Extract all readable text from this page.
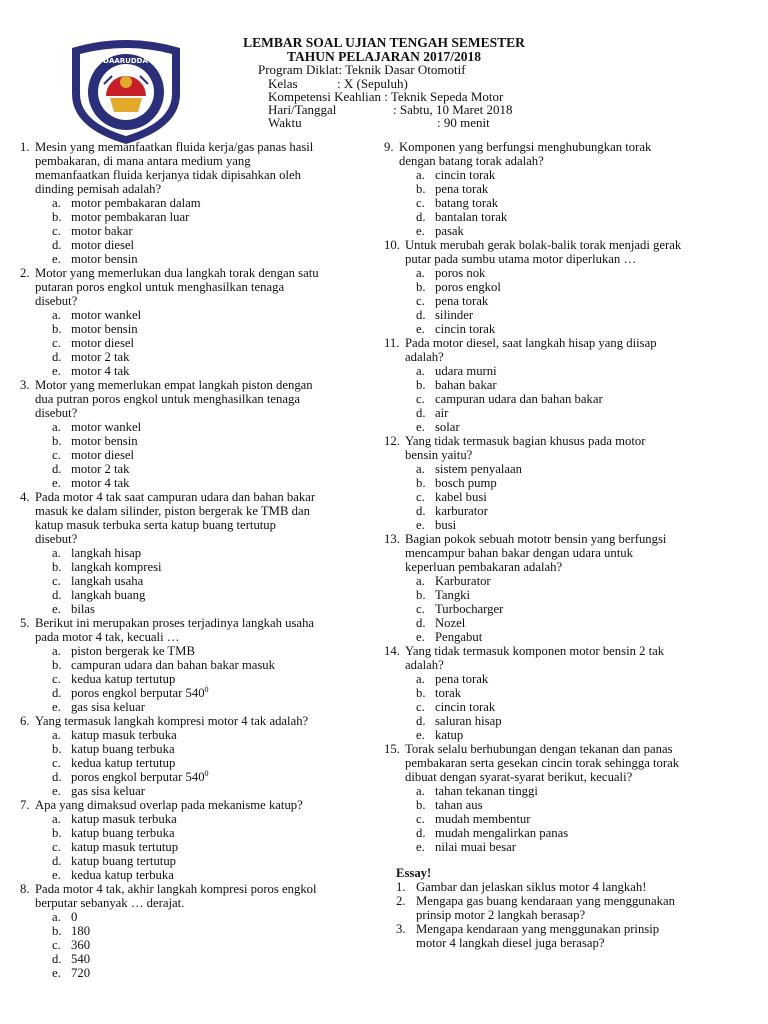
SMK DAARUDDA'WAH
LEMBAR SOAL UJIAN TENGAH SEMESTER
TAHUN PELAJARAN 2017/2018
Program Diklat: Teknik Dasar Otomotif
Kelas	: X (Sepuluh)
Kompetensi Keahlian : Teknik Sepeda Motor
Hari/Tanggal	: Sabtu, 10 Maret 2018
Waktu	: 90 menit
1. Mesin yang memanfaatkan fluida kerja/gas panas hasil
pembakaran, di mana antara medium yang
memanfaatkan fluida kerjanya tidak dipisahkan oleh
dinding pemisah adalah?
a. motor pembakaran dalam
b. motor pembakaran luar
c. motor bakar
d. motor diesel
e. motor bensin
2. Motor yang memerlukan dua langkah torak dengan satu
putaran poros engkol untuk menghasilkan tenaga
disebut?
a. motor wankel
b. motor bensin
c. motor diesel
d. motor 2 tak
e. motor 4 tak
3. Motor yang memerlukan empat langkah piston dengan
dua putran poros engkol untuk menghasilkan tenaga
disebut?
a. motor wankel
b. motor bensin
c. motor diesel
d. motor 2 tak
e. motor 4 tak
4. Pada motor 4 tak saat campuran udara dan bahan bakar
masuk ke dalam silinder, piston bergerak ke TMB dan
katup masuk terbuka serta katup buang tertutup
disebut?
a. langkah hisap
b. langkah kompresi
c. langkah usaha
d. langkah buang
e. bilas
5. Berikut ini merupakan proses terjadinya langkah usaha
pada motor 4 tak, kecuali …
a. piston bergerak ke TMB
b. campuran udara dan bahan bakar masuk
c. kedua katup tertutup
d. poros engkol berputar $540^0$
e. gas sisa keluar
6. Yang termasuk langkah kompresi motor 4 tak adalah?
a. katup masuk terbuka
b. katup buang terbuka
c. kedua katup tertutup
d. poros engkol berputar $540^0$
e. gas sisa keluar
7. Apa yang dimaksud overlap pada mekanisme katup?
a. katup masuk terbuka
b. katup buang terbuka
c. katup masuk tertutup
d. katup buang tertutup
e. kedua katup terbuka
8. Pada motor 4 tak, akhir langkah kompresi poros engkol
berputar sebanyak … derajat.
a. 0
b. 180
c. 360
d. 540
e. 720
9. Komponen yang berfungsi menghubungkan torak
dengan batang torak adalah?
a. cincin torak
b. pena torak
c. batang torak
d. bantalan torak
e. pasak
10. Untuk merubah gerak bolak-balik torak menjadi gerak
putar pada sumbu utama motor diperlukan …
a. poros nok
b. poros engkol
c. pena torak
d. silinder
e. cincin torak
11. Pada motor diesel, saat langkah hisap yang diisap
adalah?
a. udara murni
b. bahan bakar
c. campuran udara dan bahan bakar
d. air
e. solar
12. Yang tidak termasuk bagian khusus pada motor
bensin yaitu?
a. sistem penyalaan
b. bosch pump
c. kabel busi
d. karburator
e. busi
13. Bagian pokok sebuah mototr bensin yang berfungsi
mencampur bahan bakar dengan udara untuk
keperluan pembakaran adalah?
a. Karburator
b. Tangki
c. Turbocharger
d. Nozel
e. Pengabut
14. Yang tidak termasuk komponen motor bensin 2 tak
adalah?
a. pena torak
b. torak
c. cincin torak
d. saluran hisap
e. katup
15. Torak selalu berhubungan dengan tekanan dan panas
pembakaran serta gesekan cincin torak sehingga torak
dibuat dengan syarat-syarat berikut, kecuali?
a. tahan tekanan tinggi
b. tahan aus
c. mudah membentur
d. mudah mengalirkan panas
e. nilai muai besar
Essay!
1. Gambar dan jelaskan siklus motor 4 langkah!
2. Mengapa gas buang kendaraan yang menggunakan
prinsip motor 2 langkah berasap?
3. Mengapa kendaraan yang menggunakan prinsip
motor 4 langkah diesel juga berasap?
